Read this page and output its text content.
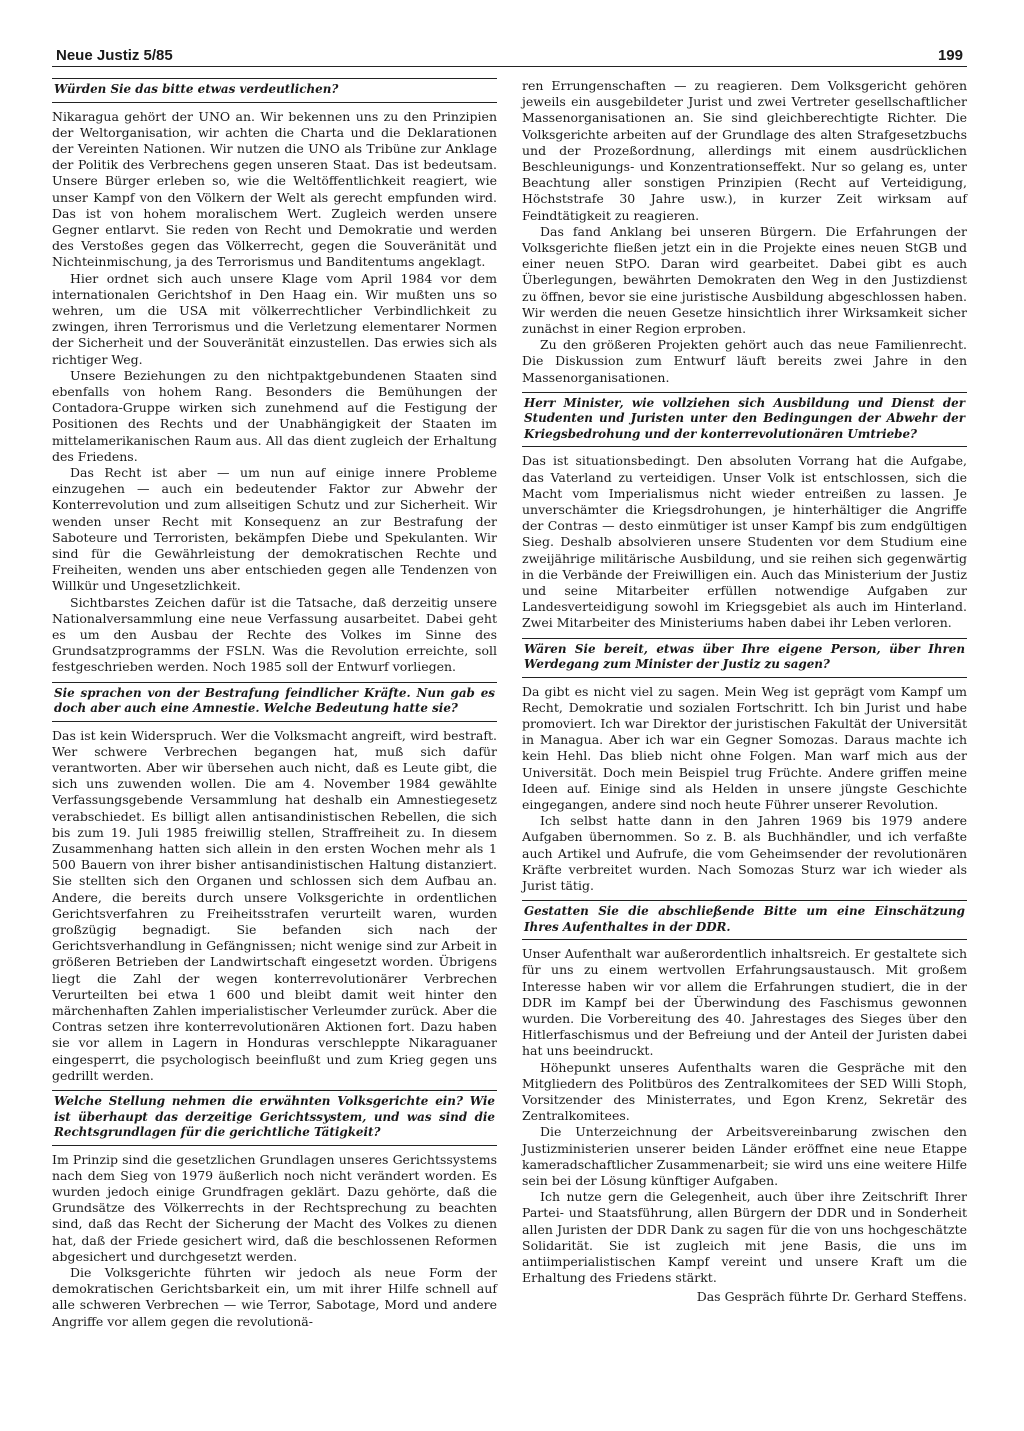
Neue Justiz 5/85	199
Würden Sie das bitte etwas verdeutlichen?

Nikaragua gehört der UNO an. Wir bekennen uns zu den Prinzipien der Weltorganisation, wir achten die Charta und die Deklarationen der Vereinten Nationen. Wir nutzen die UNO als Tribüne zur Anklage der Politik des Verbrechens gegen unseren Staat. Das ist bedeutsam. Unsere Bürger erleben so, wie die Weltöffentlichkeit reagiert, wie unser Kampf von den Völkern der Welt als gerecht empfunden wird. Das ist von hohem moralischem Wert. Zugleich werden unsere Gegner entlarvt. Sie reden von Recht und Demokratie und werden des Verstoßes gegen das Völkerrecht, gegen die Souveränität und Nichteinmischung, ja des Terrorismus und Banditentums angeklagt.

Hier ordnet sich auch unsere Klage vom April 1984 vor dem internationalen Gerichtshof in Den Haag ein. Wir mußten uns so wehren, um die USA mit völkerrechtlicher Verbindlichkeit zu zwingen, ihren Terrorismus und die Verletzung elementarer Normen der Sicherheit und der Souveränität einzustellen. Das erwies sich als richtiger Weg.

Unsere Beziehungen zu den nichtpaktgebundenen Staaten sind ebenfalls von hohem Rang. Besonders die Bemühungen der Contadora-Gruppe wirken sich zunehmend auf die Festigung der Positionen des Rechts und der Unabhängigkeit der Staaten im mittelamerikanischen Raum aus. All das dient zugleich der Erhaltung des Friedens.

Das Recht ist aber — um nun auf einige innere Probleme einzugehen — auch ein bedeutender Faktor zur Abwehr der Konterrevolution und zum allseitigen Schutz und zur Sicherheit. Wir wenden unser Recht mit Konsequenz an zur Bestrafung der Saboteure und Terroristen, bekämpfen Diebe und Spekulanten. Wir sind für die Gewährleistung der demokratischen Rechte und Freiheiten, wenden uns aber entschieden gegen alle Tendenzen von Willkür und Ungesetzlichkeit.

Sichtbarstes Zeichen dafür ist die Tatsache, daß derzeitig unsere Nationalversammlung eine neue Verfassung ausarbeitet. Dabei geht es um den Ausbau der Rechte des Volkes im Sinne des Grundsatzprogramms der FSLN. Was die Revolution erreichte, soll festgeschrieben werden. Noch 1985 soll der Entwurf vorliegen.

Sie sprachen von der Bestrafung feindlicher Kräfte. Nun gab es doch aber auch eine Amnestie. Welche Bedeutung hatte sie?

Das ist kein Widerspruch. Wer die Volksmacht angreift, wird bestraft. Wer schwere Verbrechen begangen hat, muß sich dafür verantworten. Aber wir übersehen auch nicht, daß es Leute gibt, die sich uns zuwenden wollen. Die am 4. November 1984 gewählte Verfassungsgebende Versammlung hat deshalb ein Amnestiegesetz verabschiedet. Es billigt allen antisandinistischen Rebellen, die sich bis zum 19. Juli 1985 freiwillig stellen, Straffreiheit zu. In diesem Zusammenhang hatten sich allein in den ersten Wochen mehr als 1 500 Bauern von ihrer bisher antisandinistischen Haltung distanziert. Sie stellten sich den Organen und schlossen sich dem Aufbau an. Andere, die bereits durch unsere Volksgerichte in ordentlichen Gerichtsverfahren zu Freiheitsstrafen verurteilt waren, wurden großzügig begnadigt. Sie befanden sich nach der Gerichtsverhandlung in Gefängnissen; nicht wenige sind zur Arbeit in größeren Betrieben der Landwirtschaft eingesetzt worden. Übrigens liegt die Zahl der wegen konterrevolutionärer Verbrechen Verurteilten bei etwa 1 600 und bleibt damit weit hinter den märchenhaften Zahlen imperialistischer Verleumder zurück. Aber die Contras setzen ihre konterrevolutionären Aktionen fort. Dazu haben sie vor allem in Lagern in Honduras verschleppte Nikaraguaner eingesperrt, die psychologisch beeinflußt und zum Krieg gegen uns gedrillt werden.

Welche Stellung nehmen die erwähnten Volksgerichte ein? Wie ist überhaupt das derzeitige Gerichtssystem, und was sind die Rechtsgrundlagen für die gerichtliche Tätigkeit?

Im Prinzip sind die gesetzlichen Grundlagen unseres Gerichtssystems nach dem Sieg von 1979 äußerlich noch nicht verändert worden. Es wurden jedoch einige Grundfragen geklärt. Dazu gehörte, daß die Grundsätze des Völkerrechts in der Rechtsprechung zu beachten sind, daß das Recht der Sicherung der Macht des Volkes zu dienen hat, daß der Friede gesichert wird, daß die beschlossenen Reformen abgesichert und durchgesetzt werden.

Die Volksgerichte führten wir jedoch als neue Form der demokratischen Gerichtsbarkeit ein, um mit ihrer Hilfe schnell auf alle schweren Verbrechen — wie Terror, Sabotage, Mord und andere Angriffe vor allem gegen die revolutionä-

ren Errungenschaften — zu reagieren. Dem Volksgericht gehören jeweils ein ausgebildeter Jurist und zwei Vertreter gesellschaftlicher Massenorganisationen an. Sie sind gleichberechtigte Richter. Die Volksgerichte arbeiten auf der Grundlage des alten Strafgesetzbuchs und der Prozeßordnung, allerdings mit einem ausdrücklichen Beschleunigungs- und Konzentrationseffekt. Nur so gelang es, unter Beachtung aller sonstigen Prinzipien (Recht auf Verteidigung, Höchststrafe 30 Jahre usw.), in kurzer Zeit wirksam auf Feindtätigkeit zu reagieren.

Das fand Anklang bei unseren Bürgern. Die Erfahrungen der Volksgerichte fließen jetzt ein in die Projekte eines neuen StGB und einer neuen StPO. Daran wird gearbeitet. Dabei gibt es auch Überlegungen, bewährten Demokraten den Weg in den Justizdienst zu öffnen, bevor sie eine juristische Ausbildung abgeschlossen haben. Wir werden die neuen Gesetze hinsichtlich ihrer Wirksamkeit sicher zunächst in einer Region erproben.

Zu den größeren Projekten gehört auch das neue Familienrecht. Die Diskussion zum Entwurf läuft bereits zwei Jahre in den Massenorganisationen.

Herr Minister, wie vollziehen sich Ausbildung und Dienst der Studenten und Juristen unter den Bedingungen der Abwehr der Kriegsbedrohung und der konterrevolutionären Umtriebe?

Das ist situationsbedingt. Den absoluten Vorrang hat die Aufgabe, das Vaterland zu verteidigen. Unser Volk ist entschlossen, sich die Macht vom Imperialismus nicht wieder entreißen zu lassen. Je unverschämter die Kriegsdrohungen, je hinterhältiger die Angriffe der Contras — desto einmütiger ist unser Kampf bis zum endgültigen Sieg. Deshalb absolvieren unsere Studenten vor dem Studium eine zweijährige militärische Ausbildung, und sie reihen sich gegenwärtig in die Verbände der Freiwilligen ein. Auch das Ministerium der Justiz und seine Mitarbeiter erfüllen notwendige Aufgaben zur Landesverteidigung sowohl im Kriegsgebiet als auch im Hinterland. Zwei Mitarbeiter des Ministeriums haben dabei ihr Leben verloren.

Wären Sie bereit, etwas über Ihre eigene Person, über Ihren Werdegang zum Minister der Justiz zu sagen?

Da gibt es nicht viel zu sagen. Mein Weg ist geprägt vom Kampf um Recht, Demokratie und sozialen Fortschritt. Ich bin Jurist und habe promoviert. Ich war Direktor der juristischen Fakultät der Universität in Managua. Aber ich war ein Gegner Somozas. Daraus machte ich kein Hehl. Das blieb nicht ohne Folgen. Man warf mich aus der Universität. Doch mein Beispiel trug Früchte. Andere griffen meine Ideen auf. Einige sind als Helden in unsere jüngste Geschichte eingegangen, andere sind noch heute Führer unserer Revolution.

Ich selbst hatte dann in den Jahren 1969 bis 1979 andere Aufgaben übernommen. So z. B. als Buchhändler, und ich verfaßte auch Artikel und Aufrufe, die vom Geheimsender der revolutionären Kräfte verbreitet wurden. Nach Somozas Sturz war ich wieder als Jurist tätig.

Gestatten Sie die abschließende Bitte um eine Einschätzung Ihres Aufenthaltes in der DDR.

Unser Aufenthalt war außerordentlich inhaltsreich. Er gestaltete sich für uns zu einem wertvollen Erfahrungsaustausch. Mit großem Interesse haben wir vor allem die Erfahrungen studiert, die in der DDR im Kampf bei der Überwindung des Faschismus gewonnen wurden. Die Vorbereitung des 40. Jahrestages des Sieges über den Hitlerfaschismus und der Befreiung und der Anteil der Juristen dabei hat uns beeindruckt.

Höhepunkt unseres Aufenthalts waren die Gespräche mit den Mitgliedern des Politbüros des Zentralkomitees der SED Willi Stoph, Vorsitzender des Ministerrates, und Egon Krenz, Sekretär des Zentralkomitees.

Die Unterzeichnung der Arbeitsvereinbarung zwischen den Justizministerien unserer beiden Länder eröffnet eine neue Etappe kameradschaftlicher Zusammenarbeit; sie wird uns eine weitere Hilfe sein bei der Lösung künftiger Aufgaben.

Ich nutze gern die Gelegenheit, auch über ihre Zeitschrift Ihrer Partei- und Staatsführung, allen Bürgern der DDR und in Sonderheit allen Juristen der DDR Dank zu sagen für die von uns hochgeschätzte Solidarität. Sie ist zugleich mit jene Basis, die uns im antiimperialistischen Kampf vereint und unsere Kraft um die Erhaltung des Friedens stärkt.

Das Gespräch führte Dr. Gerhard Steffens.
